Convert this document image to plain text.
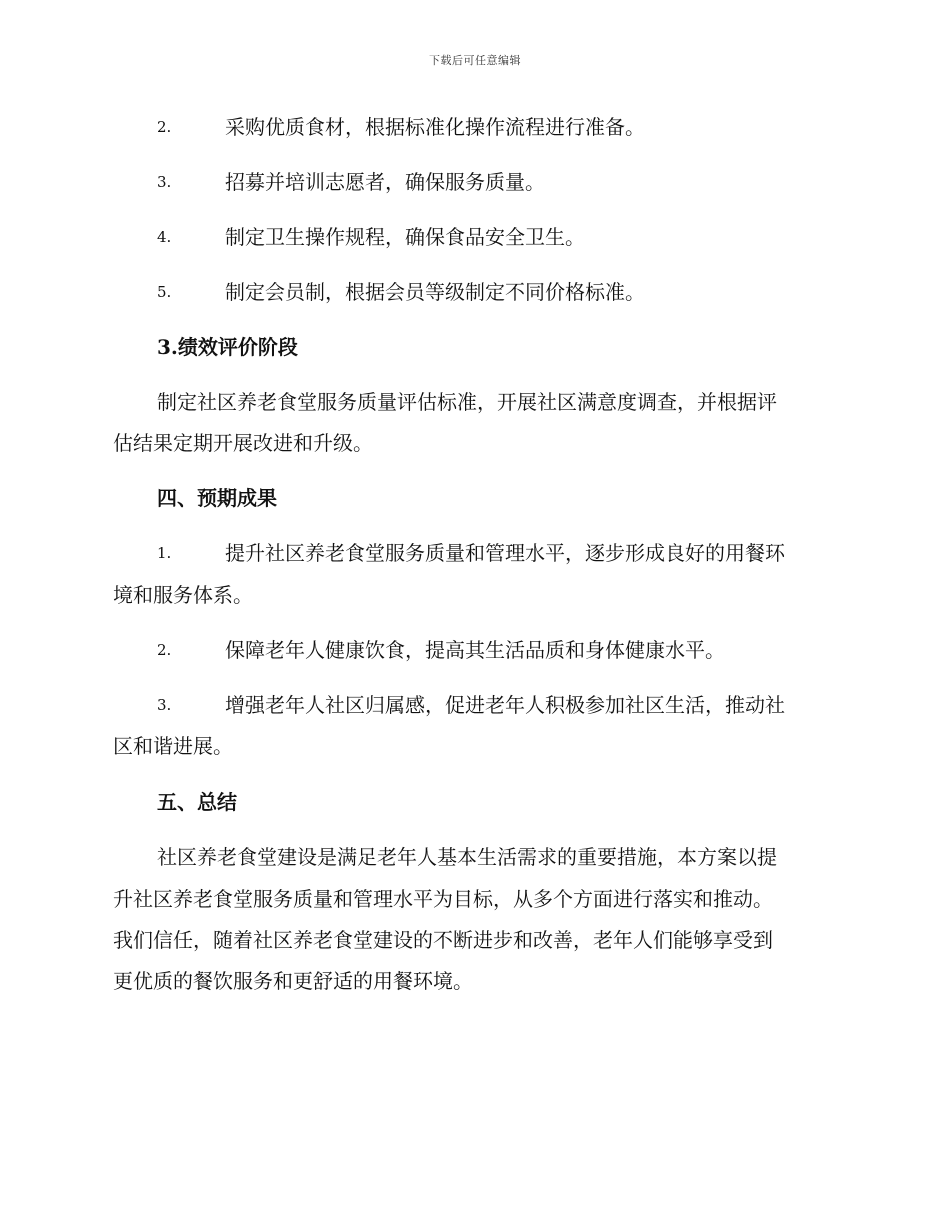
下载后可任意编辑
2.	采购优质食材，根据标准化操作流程进行准备。
3.	招募并培训志愿者，确保服务质量。
4.	制定卫生操作规程，确保食品安全卫生。
5.	制定会员制，根据会员等级制定不同价格标准。
3.绩效评价阶段
制定社区养老食堂服务质量评估标准，开展社区满意度调查，并根据评
估结果定期开展改进和升级。
四、预期成果
1.	提升社区养老食堂服务质量和管理水平，逐步形成良好的用餐环
境和服务体系。
2.	保障老年人健康饮食，提高其生活品质和身体健康水平。
3.	增强老年人社区归属感，促进老年人积极参加社区生活，推动社
区和谐进展。
五、总结
社区养老食堂建设是满足老年人基本生活需求的重要措施，本方案以提
升社区养老食堂服务质量和管理水平为目标，从多个方面进行落实和推动。
我们信任，随着社区养老食堂建设的不断进步和改善，老年人们能够享受到
更优质的餐饮服务和更舒适的用餐环境。
